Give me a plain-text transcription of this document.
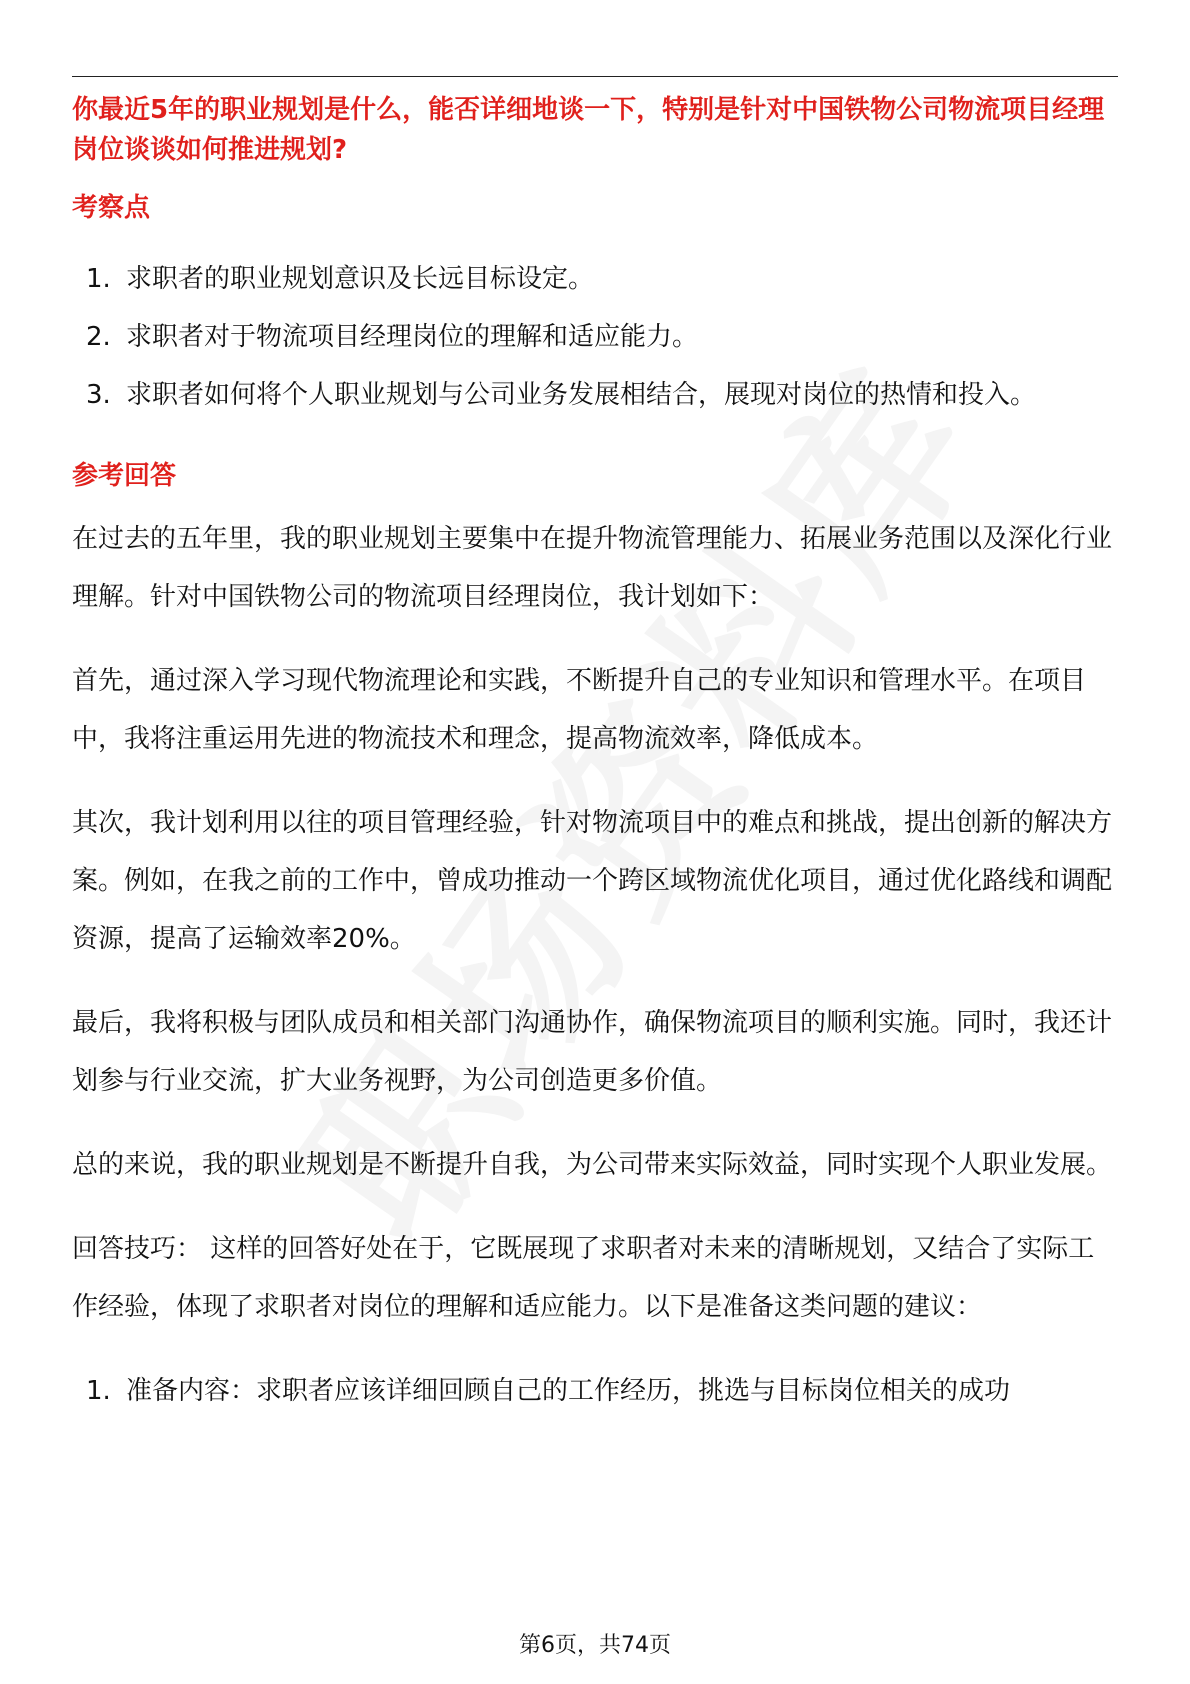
你最近5年的职业规划是什么，能否详细地谈一下，特别是针对中国铁物公司物流项目经理岗位谈谈如何推进规划?

考察点
1. 求职者的职业规划意识及长远目标设定。
2. 求职者对于物流项目经理岗位的理解和适应能力。
3. 求职者如何将个人职业规划与公司业务发展相结合，展现对岗位的热情和投入。
参考回答

在过去的五年里，我的职业规划主要集中在提升物流管理能力、拓展业务范围以及深化行业理解。针对中国铁物公司的物流项目经理岗位，我计划如下：

首先，通过深入学习现代物流理论和实践，不断提升自己的专业知识和管理水平。在项目中，我将注重运用先进的物流技术和理念，提高物流效率，降低成本。

其次，我计划利用以往的项目管理经验，针对物流项目中的难点和挑战，提出创新的解决方案。例如，在我之前的工作中，曾成功推动一个跨区域物流优化项目，通过优化路线和调配资源，提高了运输效率20%。

最后，我将积极与团队成员和相关部门沟通协作，确保物流项目的顺利实施。同时，我还计划参与行业交流，扩大业务视野，为公司创造更多价值。

总的来说，我的职业规划是不断提升自我，为公司带来实际效益，同时实现个人职业发展。

回答技巧： 这样的回答好处在于，它既展现了求职者对未来的清晰规划，又结合了实际工作经验，体现了求职者对岗位的理解和适应能力。以下是准备这类问题的建议：

1. 准备内容：求职者应该详细回顾自己的工作经历，挑选与目标岗位相关的成功
第6页，共74页
